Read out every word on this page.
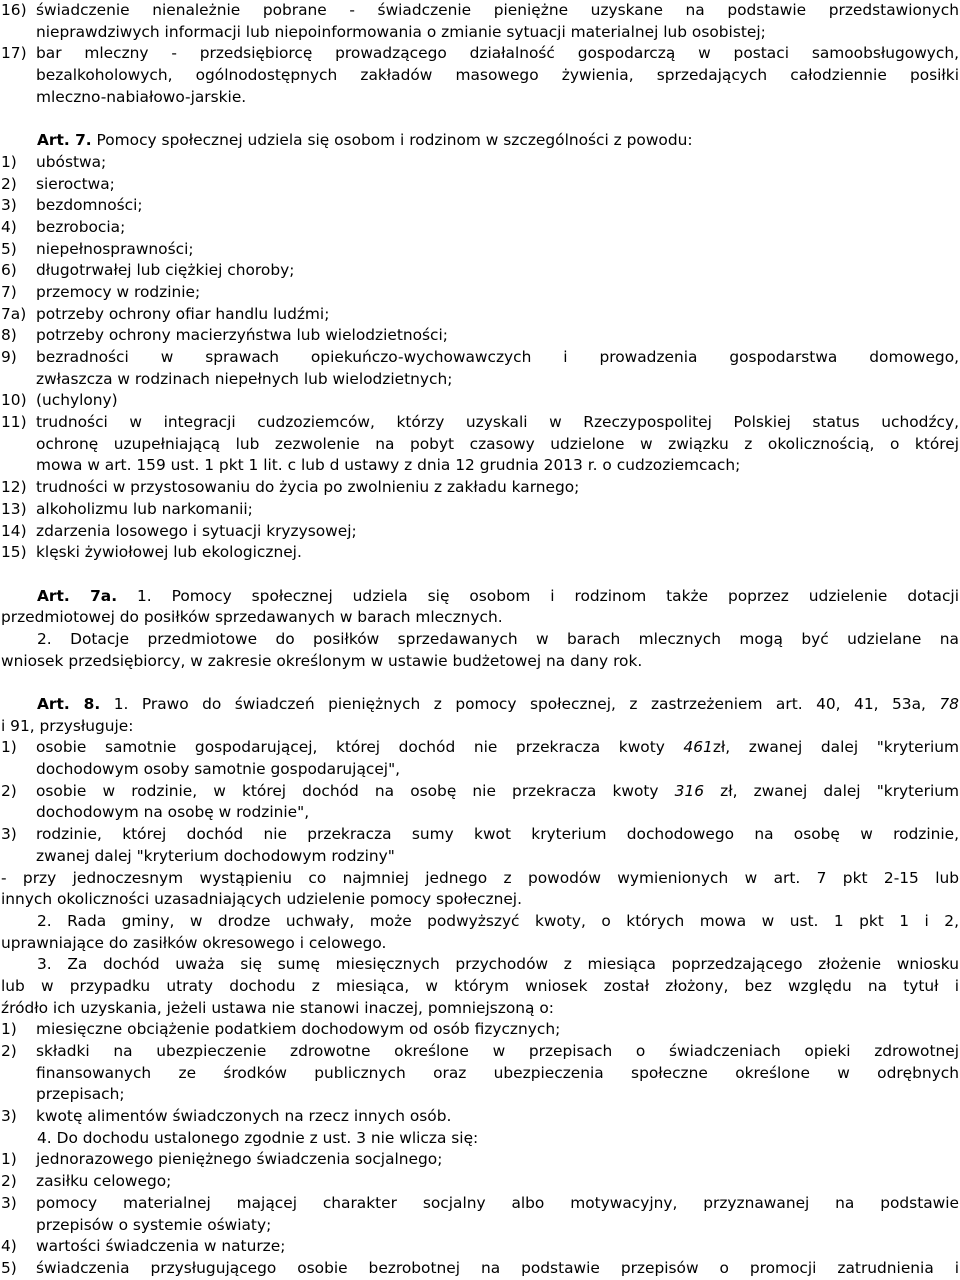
16) świadczenie nienależnie pobrane - świadczenie pieniężne uzyskane na podstawie przedstawionych
nieprawdziwych informacji lub niepoinformowania o zmianie sytuacji materialnej lub osobistej;
17) bar mleczny - przedsiębiorcę prowadzącego działalność gospodarczą w postaci samoobsługowych,
bezalkoholowych, ogólnodostępnych zakładów masowego żywienia, sprzedających całodziennie posiłki
mleczno-nabiałowo-jarskie.
Art. 7. Pomocy społecznej udziela się osobom i rodzinom w szczególności z powodu:
1) ubóstwa;
2) sieroctwa;
3) bezdomności;
4) bezrobocia;
5) niepełnosprawności;
6) długotrwałej lub ciężkiej choroby;
7) przemocy w rodzinie;
7a) potrzeby ochrony ofiar handlu ludźmi;
8) potrzeby ochrony macierzyństwa lub wielodzietności;
9) bezradności w sprawach opiekuńczo-wychowawczych i prowadzenia gospodarstwa domowego,
zwłaszcza w rodzinach niepełnych lub wielodzietnych;
10) (uchylony)
11) trudności w integracji cudzoziemców, którzy uzyskali w Rzeczypospolitej Polskiej status uchodźcy,
ochronę uzupełniającą lub zezwolenie na pobyt czasowy udzielone w związku z okolicznością, o której
mowa w art. 159 ust. 1 pkt 1 lit. c lub d ustawy z dnia 12 grudnia 2013 r. o cudzoziemcach;
12) trudności w przystosowaniu do życia po zwolnieniu z zakładu karnego;
13) alkoholizmu lub narkomanii;
14) zdarzenia losowego i sytuacji kryzysowej;
15) klęski żywiołowej lub ekologicznej.
Art. 7a. 1. Pomocy społecznej udziela się osobom i rodzinom także poprzez udzielenie dotacji
przedmiotowej do posiłków sprzedawanych w barach mlecznych.
2. Dotacje przedmiotowe do posiłków sprzedawanych w barach mlecznych mogą być udzielane na
wniosek przedsiębiorcy, w zakresie określonym w ustawie budżetowej na dany rok.
Art. 8. 1. Prawo do świadczeń pieniężnych z pomocy społecznej, z zastrzeżeniem art. 40, 41, 53a, 78
i 91, przysługuje:
1) osobie samotnie gospodarującej, której dochód nie przekracza kwoty 461zł, zwanej dalej "kryterium
dochodowym osoby samotnie gospodarującej",
2) osobie w rodzinie, w której dochód na osobę nie przekracza kwoty 316 zł, zwanej dalej "kryterium
dochodowym na osobę w rodzinie",
3) rodzinie, której dochód nie przekracza sumy kwot kryterium dochodowego na osobę w rodzinie,
zwanej dalej "kryterium dochodowym rodziny"
- przy jednoczesnym wystąpieniu co najmniej jednego z powodów wymienionych w art. 7 pkt 2-15 lub
innych okoliczności uzasadniających udzielenie pomocy społecznej.
2. Rada gminy, w drodze uchwały, może podwyższyć kwoty, o których mowa w ust. 1 pkt 1 i 2,
uprawniające do zasiłków okresowego i celowego.
3. Za dochód uważa się sumę miesięcznych przychodów z miesiąca poprzedzającego złożenie wniosku
lub w przypadku utraty dochodu z miesiąca, w którym wniosek został złożony, bez względu na tytuł i
źródło ich uzyskania, jeżeli ustawa nie stanowi inaczej, pomniejszoną o:
1) miesięczne obciążenie podatkiem dochodowym od osób fizycznych;
2) składki na ubezpieczenie zdrowotne określone w przepisach o świadczeniach opieki zdrowotnej
finansowanych ze środków publicznych oraz ubezpieczenia społeczne określone w odrębnych
przepisach;
3) kwotę alimentów świadczonych na rzecz innych osób.
4. Do dochodu ustalonego zgodnie z ust. 3 nie wlicza się:
1) jednorazowego pieniężnego świadczenia socjalnego;
2) zasiłku celowego;
3) pomocy materialnej mającej charakter socjalny albo motywacyjny, przyznawanej na podstawie
przepisów o systemie oświaty;
4) wartości świadczenia w naturze;
5) świadczenia przysługującego osobie bezrobotnej na podstawie przepisów o promocji zatrudnienia i
